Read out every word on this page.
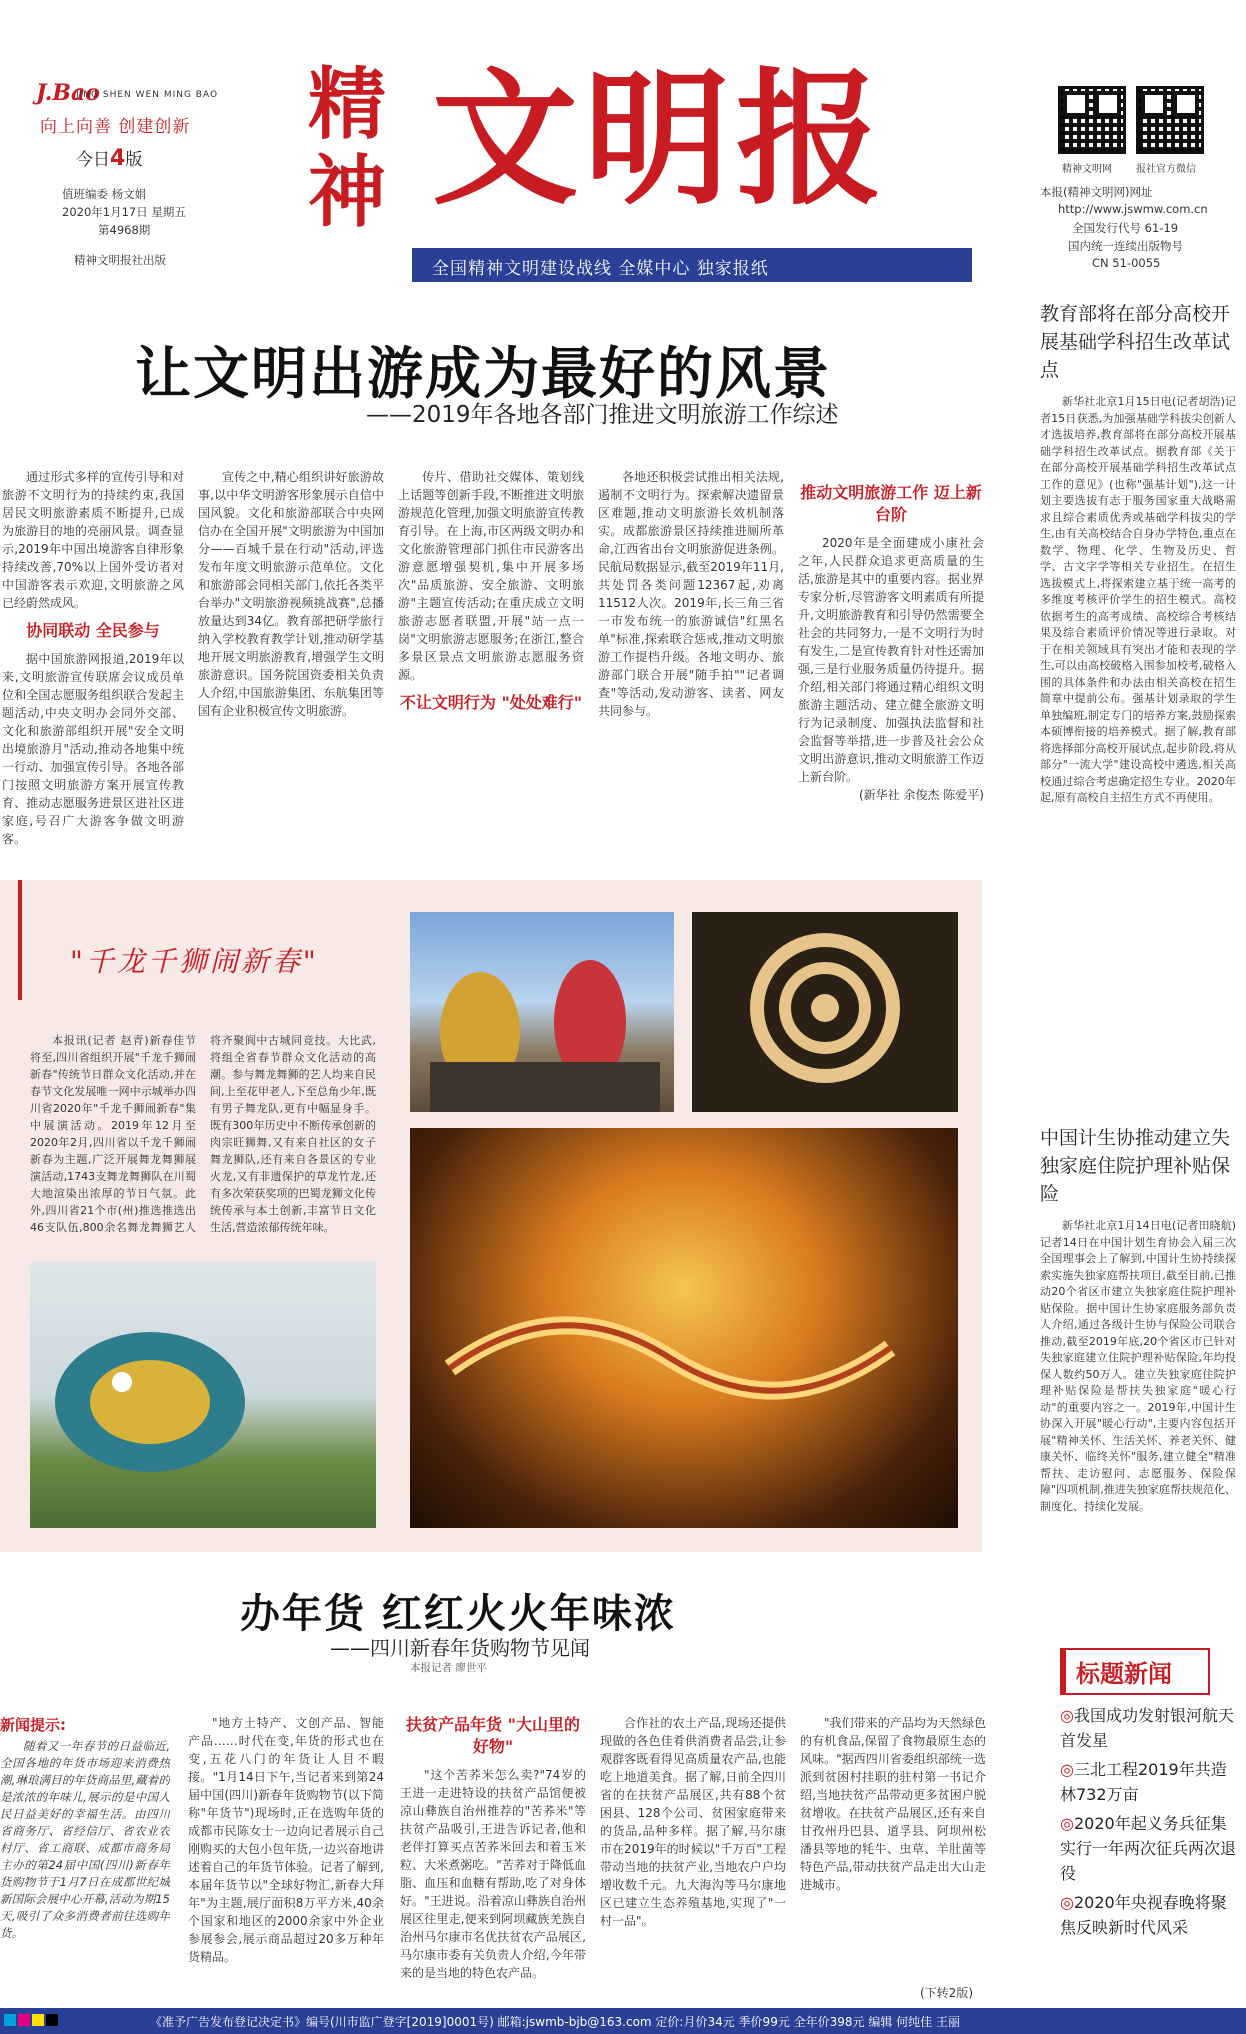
J.Bao
JING SHEN WEN MING BAO
向上向善 创建创新
今日4版
值班编委 杨文娟
2020年1月17日 星期五
第4968期
精神文明报社出版
精
神 文明报
全国精神文明建设战线 全媒中心 独家报纸
精神文明网 报社官方微信
本报(精神文明网)网址
http://www.jswmw.com.cn
全国发行代号 61-19
国内统一连续出版物号
CN 51-0055
让文明出游成为最好的风景
——2019年各地各部门推进文明旅游工作综述

通过形式多样的宣传引导和对旅游不文明行为的持续约束,我国居民文明旅游素质不断提升,已成为旅游目的地的亮丽风景。调查显示,2019年中国出境游客自律形象持续改善,70%以上国外受访者对中国游客表示欢迎,文明旅游之风已经蔚然成风。

协同联动 全民参与

据中国旅游网报道,2019年以来,文明旅游宣传联席会议成员单位和全国志愿服务组织联合发起主题活动,中央文明办会同外交部、文化和旅游部组织开展"安全文明出境旅游月"活动,推动各地集中统一行动、加强宣传引导。各地各部门按照文明旅游方案开展宣传教育、推动志愿服务进景区进社区进家庭,号召广大游客争做文明游客。

宣传之中,精心组织讲好旅游故事,以中华文明游客形象展示自信中国风貌。文化和旅游部联合中央网信办在全国开展"文明旅游为中国加分——百城千景在行动"活动,评选发布年度文明旅游示范单位。文化和旅游部会同相关部门,依托各类平台举办"文明旅游视频挑战赛",总播放量达到34亿。教育部把研学旅行纳入学校教育教学计划,推动研学基地开展文明旅游教育,增强学生文明旅游意识。国务院国资委相关负责人介绍,中国旅游集团、东航集团等国有企业积极宣传文明旅游。

传片、借助社交媒体、策划线上话题等创新手段,不断推进文明旅游规范化管理,加强文明旅游宣传教育引导。在上海,市区两级文明办和文化旅游管理部门抓住市民游客出游意愿增强契机,集中开展多场次"品质旅游、安全旅游、文明旅游"主题宣传活动;在重庆成立文明旅游志愿者联盟,开展"站一点一岗"文明旅游志愿服务;在浙江,整合多景区景点文明旅游志愿服务资源。

不让文明行为 "处处难行"

各地还积极尝试推出相关法规,遏制不文明行为。探索解决遗留景区难题,推动文明旅游长效机制落实。成都旅游景区持续推进厕所革命,江西省出台文明旅游促进条例。民航局数据显示,截至2019年11月,共处罚各类问题12367起,劝离11512人次。2019年,长三角三省一市发布统一的旅游诚信"红黑名单"标准,探索联合惩戒,推动文明旅游工作提档升级。各地文明办、旅游部门联合开展"随手拍""记者调查"等活动,发动游客、读者、网友共同参与。

推动文明旅游工作 迈上新台阶

2020年是全面建成小康社会之年,人民群众追求更高质量的生活,旅游是其中的重要内容。据业界专家分析,尽管游客文明素质有所提升,文明旅游教育和引导仍然需要全社会的共同努力,一是不文明行为时有发生,二是宣传教育针对性还需加强,三是行业服务质量仍待提升。据介绍,相关部门将通过精心组织文明旅游主题活动、建立健全旅游文明行为记录制度、加强执法监督和社会监督等举措,进一步普及社会公众文明出游意识,推动文明旅游工作迈上新台阶。

(新华社 余俊杰 陈爱平)

教育部将在部分高校开展基础学科招生改革试点

新华社北京1月15日电(记者胡浩)记者15日获悉,为加强基础学科拔尖创新人才选拔培养,教育部将在部分高校开展基础学科招生改革试点。据教育部《关于在部分高校开展基础学科招生改革试点工作的意见》(也称"强基计划"),这一计划主要选拔有志于服务国家重大战略需求且综合素质优秀或基础学科拔尖的学生,由有关高校结合自身办学特色,重点在数学、物理、化学、生物及历史、哲学、古文字学等相关专业招生。在招生选拔模式上,将探索建立基于统一高考的多维度考核评价学生的招生模式。高校依据考生的高考成绩、高校综合考核结果及综合素质评价情况等进行录取。对于在相关领域具有突出才能和表现的学生,可以由高校破格入围参加校考,破格入围的具体条件和办法由相关高校在招生简章中提前公布。强基计划录取的学生单独编班,制定专门的培养方案,鼓励探索本硕博衔接的培养模式。据了解,教育部将选择部分高校开展试点,起步阶段,将从部分"一流大学"建设高校中遴选,相关高校通过综合考虑确定招生专业。2020年起,原有高校自主招生方式不再使用。

中国计生协推动建立失独家庭住院护理补贴保险

新华社北京1月14日电(记者田晓航)记者14日在中国计划生育协会入届三次全国理事会上了解到,中国计生协持续探索实施失独家庭帮扶项目,截至目前,已推动20个省区市建立失独家庭住院护理补贴保险。据中国计生协家庭服务部负责人介绍,通过各级计生协与保险公司联合推动,截至2019年底,20个省区市已针对失独家庭建立住院护理补贴保险,年均投保人数约50万人。建立失独家庭住院护理补贴保险是帮扶失独家庭"暖心行动"的重要内容之一。2019年,中国计生协深入开展"暖心行动",主要内容包括开展"精神关怀、生活关怀、养老关怀、健康关怀、临终关怀"服务,建立健全"精准帮扶、走访慰问、志愿服务、保险保障"四项机制,推进失独家庭帮扶规范化、制度化、持续化发展。

"千龙千狮闹新春"

本报讯(记者 赵青)新春佳节将至,四川省组织开展"千龙千狮闹新春"传统节日群众文化活动,并在春节文化发展唯一网中示城举办四川省2020年"千龙千狮闹新春"集中展演活动。2019年12月至2020年2月,四川省以千龙千狮闹新春为主题,广泛开展舞龙舞狮展演活动,1743支舞龙舞狮队在川蜀大地渲染出浓厚的节日气氛。此外,四川省21个市(州)推选推选出46支队伍,800余名舞龙舞狮艺人将齐聚阆中古城同竞技。大比武,将组全省春节群众文化活动的高潮。参与舞龙舞狮的艺人均来自民间,上至花甲老人,下至总角少年,既有男子舞龙队,更有中幅显身手。既有300年历史中不断传承创新的肉宗旺狮舞,又有来自社区的女子舞龙狮队,还有来自各景区的专业火龙,又有非遗保护的草龙竹龙,还有多次荣获奖项的巴蜀龙狮文化传统传承与本土创新,丰富节日文化生活,营造浓郁传统年味。

办年货 红红火火年味浓
——四川新春年货购物节见闻
本报记者 廖世平
新闻提示:

随着又一年春节的日益临近,全国各地的年货市场迎来消费热潮,琳琅满目的年货商品里,藏着的是浓浓的年味儿,展示的是中国人民日益美好的幸福生活。由四川省商务厅、省经信厅、省农业农村厅、省工商联、成都市商务局主办的第24届中国(四川)新春年货购物节于1月7日在成都世纪城新国际会展中心开幕,活动为期15天,吸引了众多消费者前往选购年货。

"地方土特产、文创产品、智能产品……时代在变,年货的形式也在变,五花八门的年货让人目不暇接。"1月14日下午,当记者来到第24届中国(四川)新春年货购物节(以下简称"年货节")现场时,正在选购年货的成都市民陈女士一边向记者展示自己刚购买的大包小包年货,一边兴奋地讲述着自己的年货节体验。记者了解到,本届年货节以"全球好物汇,新春大拜年"为主题,展厅面积8万平方米,40余个国家和地区的2000余家中外企业参展参会,展示商品超过20多万种年货精品。

扶贫产品年货 "大山里的好物"

"这个苦荞米怎么卖?"74岁的王进一走进特设的扶贫产品馆便被凉山彝族自治州推荐的"苦荞米"等扶贫产品吸引,王进告诉记者,他和老伴打算买点苦荞米回去和着玉米粒、大米煮粥吃。"苦荞对于降低血脂、血压和血糖有帮助,吃了对身体好。"王进说。沿着凉山彝族自治州展区往里走,便来到阿坝藏族羌族自治州马尔康市名优扶贫农产品展区,马尔康市委有关负责人介绍,今年带来的是当地的特色农产品。

合作社的农土产品,现场还提供现做的各色佳肴供消费者品尝,让参观群客既看得见高质量农产品,也能吃上地道美食。据了解,日前全四川省的在扶贫产品展区,共有88个贫困县、128个公司、贫困家庭带来的货品,品种多样。据了解,马尔康市在2019年的时候以"千万百"工程带动当地的扶贫产业,当地农户户均增收数千元。九大海沟等马尔康地区已建立生态养殖基地,实现了"一村一品"。

"我们带来的产品均为天然绿色的有机食品,保留了食物最原生态的风味。"据西四川省委组织部统一选派到贫困村挂职的驻村第一书记介绍,当地扶贫产品带动更多贫困户脱贫增收。在扶贫产品展区,还有来自甘孜州丹巴县、道孚县、阿坝州松潘县等地的牦牛、虫草、羊肚菌等特色产品,带动扶贫产品走出大山走进城市。

(下转2版)
标题新闻
◎我国成功发射银河航天首发星
◎三北工程2019年共造林732万亩
◎2020年起义务兵征集实行一年两次征兵两次退役
◎2020年央视春晚将聚焦反映新时代风采
《准予广告发布登记决定书》编号(川市监广登字[2019]0001号) 邮箱:jswmb-bjb@163.com 定价:月价34元 季价99元 全年价398元 编辑 何纯佳 王丽
